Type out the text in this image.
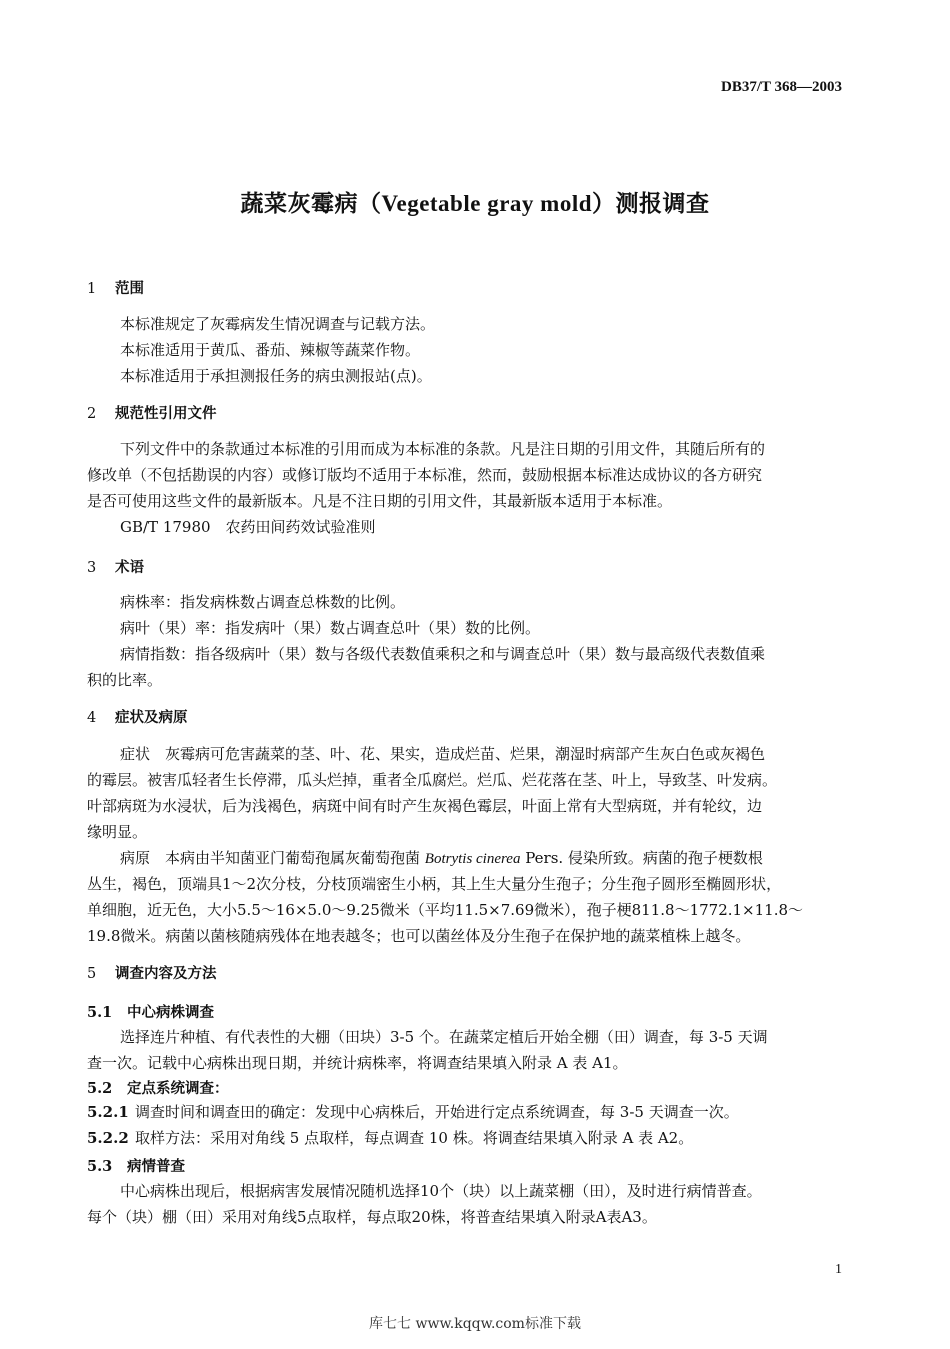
DB37/T 368—2003
蔬菜灰霉病（Vegetable gray mold）测报调查
1 范围
本标准规定了灰霉病发生情况调查与记载方法。
本标准适用于黄瓜、番茄、辣椒等蔬菜作物。
本标准适用于承担测报任务的病虫测报站(点)。
2 规范性引用文件
下列文件中的条款通过本标准的引用而成为本标准的条款。凡是注日期的引用文件，其随后所有的
修改单（不包括勘误的内容）或修订版均不适用于本标准，然而，鼓励根据本标准达成协议的各方研究
是否可使用这些文件的最新版本。凡是不注日期的引用文件，其最新版本适用于本标准。
GB/T 17980　农药田间药效试验准则
3 术语
病株率：指发病株数占调查总株数的比例。
病叶（果）率：指发病叶（果）数占调查总叶（果）数的比例。
病情指数：指各级病叶（果）数与各级代表数值乘积之和与调查总叶（果）数与最高级代表数值乘
积的比率。
4 症状及病原
症状　灰霉病可危害蔬菜的茎、叶、花、果实，造成烂苗、烂果，潮湿时病部产生灰白色或灰褐色
的霉层。被害瓜轻者生长停滞，瓜头烂掉，重者全瓜腐烂。烂瓜、烂花落在茎、叶上，导致茎、叶发病。
叶部病斑为水浸状，后为浅褐色，病斑中间有时产生灰褐色霉层，叶面上常有大型病斑，并有轮纹，边
缘明显。
病原　本病由半知菌亚门葡萄孢属灰葡萄孢菌 Botrytis cinerea Pers. 侵染所致。病菌的孢子梗数根
丛生，褐色，顶端具1～2次分枝，分枝顶端密生小柄，其上生大量分生孢子；分生孢子圆形至椭圆形状，
单细胞，近无色，大小5.5～16×5.0～9.25微米（平均11.5×7.69微米），孢子梗811.8～1772.1×11.8～
19.8微米。病菌以菌核随病残体在地表越冬；也可以菌丝体及分生孢子在保护地的蔬菜植株上越冬。
5 调查内容及方法
5.1 中心病株调查
选择连片种植、有代表性的大棚（田块）3-5 个。在蔬菜定植后开始全棚（田）调查，每 3-5 天调
查一次。记载中心病株出现日期，并统计病株率，将调查结果填入附录 A 表 A1。
5.2 定点系统调查：
5.2.1 调查时间和调查田的确定：发现中心病株后，开始进行定点系统调查，每 3-5 天调查一次。
5.2.2 取样方法：采用对角线 5 点取样，每点调查 10 株。将调查结果填入附录 A 表 A2。
5.3 病情普查
中心病株出现后，根据病害发展情况随机选择10个（块）以上蔬菜棚（田），及时进行病情普查。
每个（块）棚（田）采用对角线5点取样，每点取20株，将普查结果填入附录A表A3。
1
库七七 www.kqqw.com标准下载
